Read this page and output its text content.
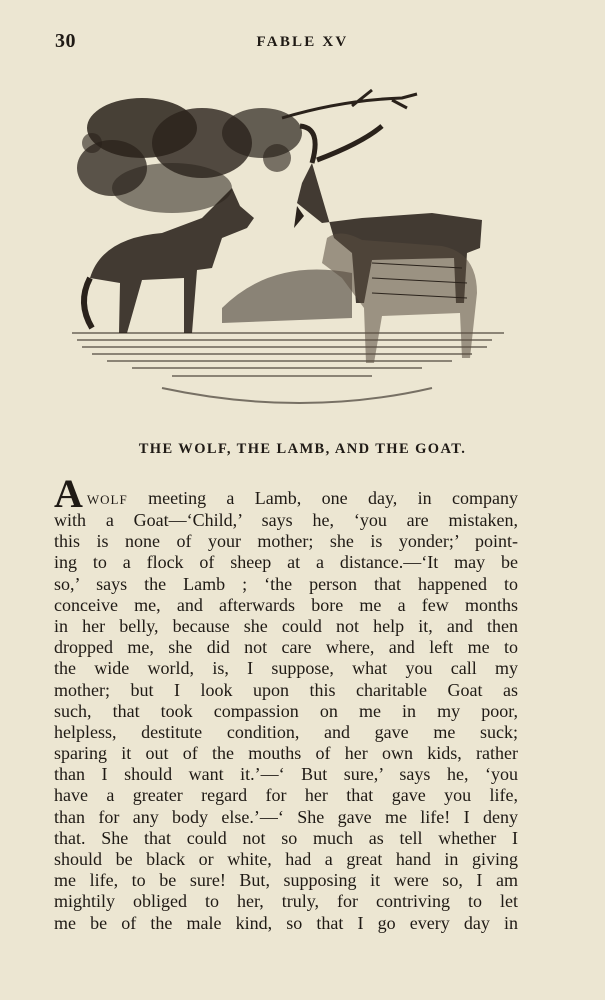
30	FABLE XV
THE WOLF, THE LAMB, AND THE GOAT.
AWOLF meeting a Lamb, one day, in company
with a Goat—‘Child,’ says he, ‘you are mistaken,
this is none of your mother; she is yonder;’ point-
ing to a flock of sheep at a distance.—‘It may be
so,’ says the Lamb ; ‘the person that happened to
conceive me, and afterwards bore me a few months
in her belly, because she could not help it, and then
dropped me, she did not care where, and left me to
the wide world, is, I suppose, what you call my
mother; but I look upon this charitable Goat as
such, that took compassion on me in my poor,
helpless, destitute condition, and gave me suck;
sparing it out of the mouths of her own kids, rather
than I should want it.’—‘ But sure,’ says he, ‘you
have a greater regard for her that gave you life,
than for any body else.’—‘ She gave me life! I deny
that. She that could not so much as tell whether I
should be black or white, had a great hand in giving
me life, to be sure! But, supposing it were so, I am
mightily obliged to her, truly, for contriving to let
me be of the male kind, so that I go every day in
